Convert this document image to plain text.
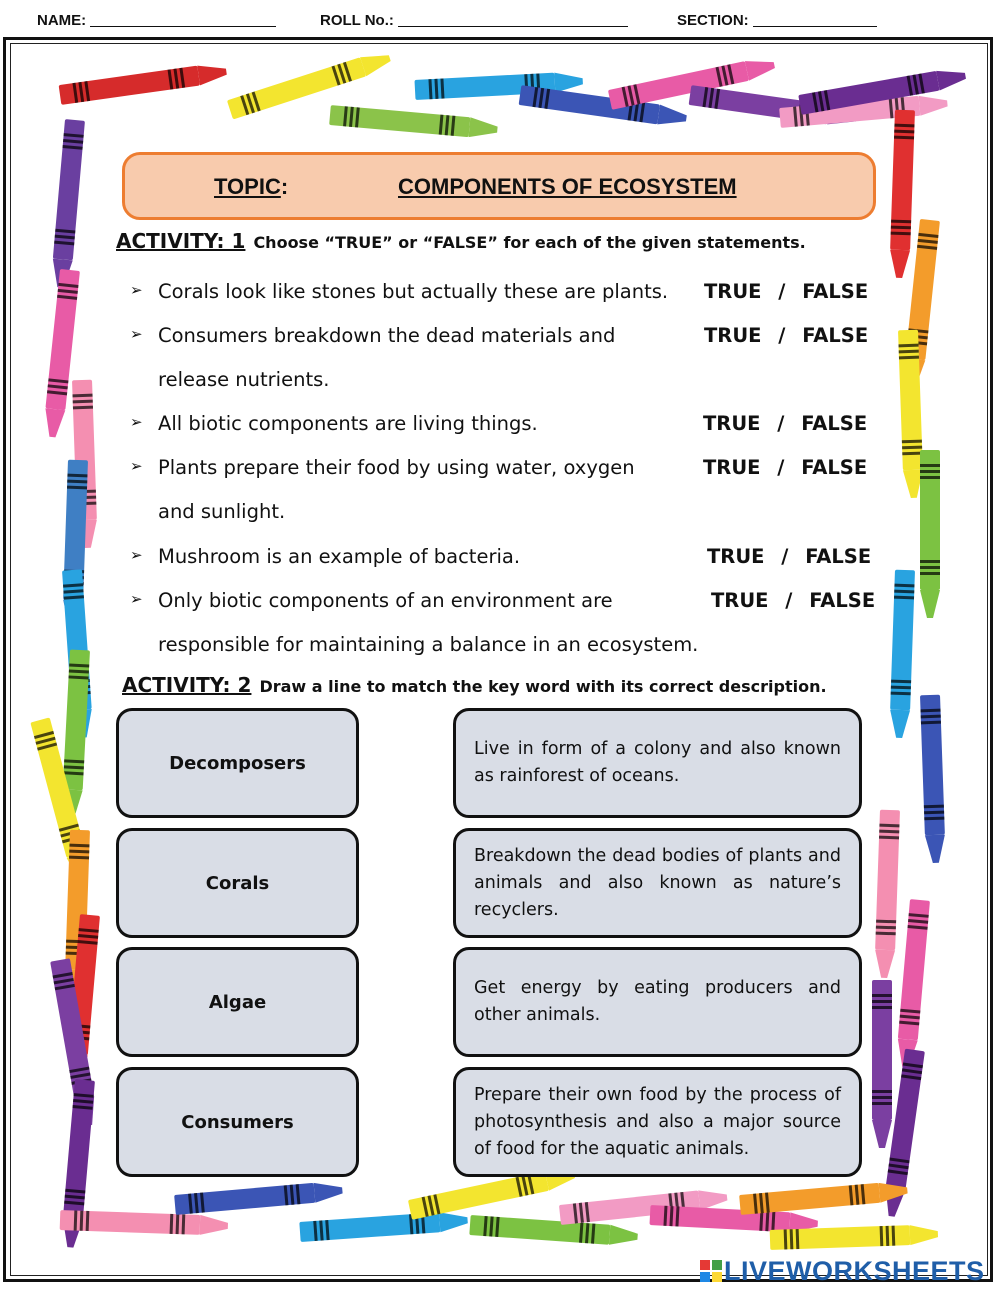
NAME:	ROLL No.:	SECTION:
TOPIC:	COMPONENTS OF ECOSYSTEM
ACTIVITY: 1 Choose “TRUE” or “FALSE” for each of the given statements.
➢ Corals look like stones but actually these are plants. TRUE / FALSE
➢ Consumers breakdown the dead materials and
release nutrients.
TRUE / FALSE
➢ All biotic components are living things.	TRUE / FALSE
➢ Plants prepare their food by using water, oxygen
and sunlight.
TRUE / FALSE
➢ Mushroom is an example of bacteria.	TRUE / FALSE
➢ Only biotic components of an environment are
responsible for maintaining a balance in an ecosystem.
TRUE / FALSE
ACTIVITY: 2 Draw a line to match the key word with its correct description.
Decomposers
Corals
Algae
Consumers
Live in form of a colony and also known as rainforest of oceans.
Breakdown the dead bodies of plants and animals and also known as nature’s recyclers.
Get energy by eating producers and other animals.
Prepare their own food by the process of photosynthesis and also a major source of food for the aquatic animals.
LIVEWORKSHEETS
